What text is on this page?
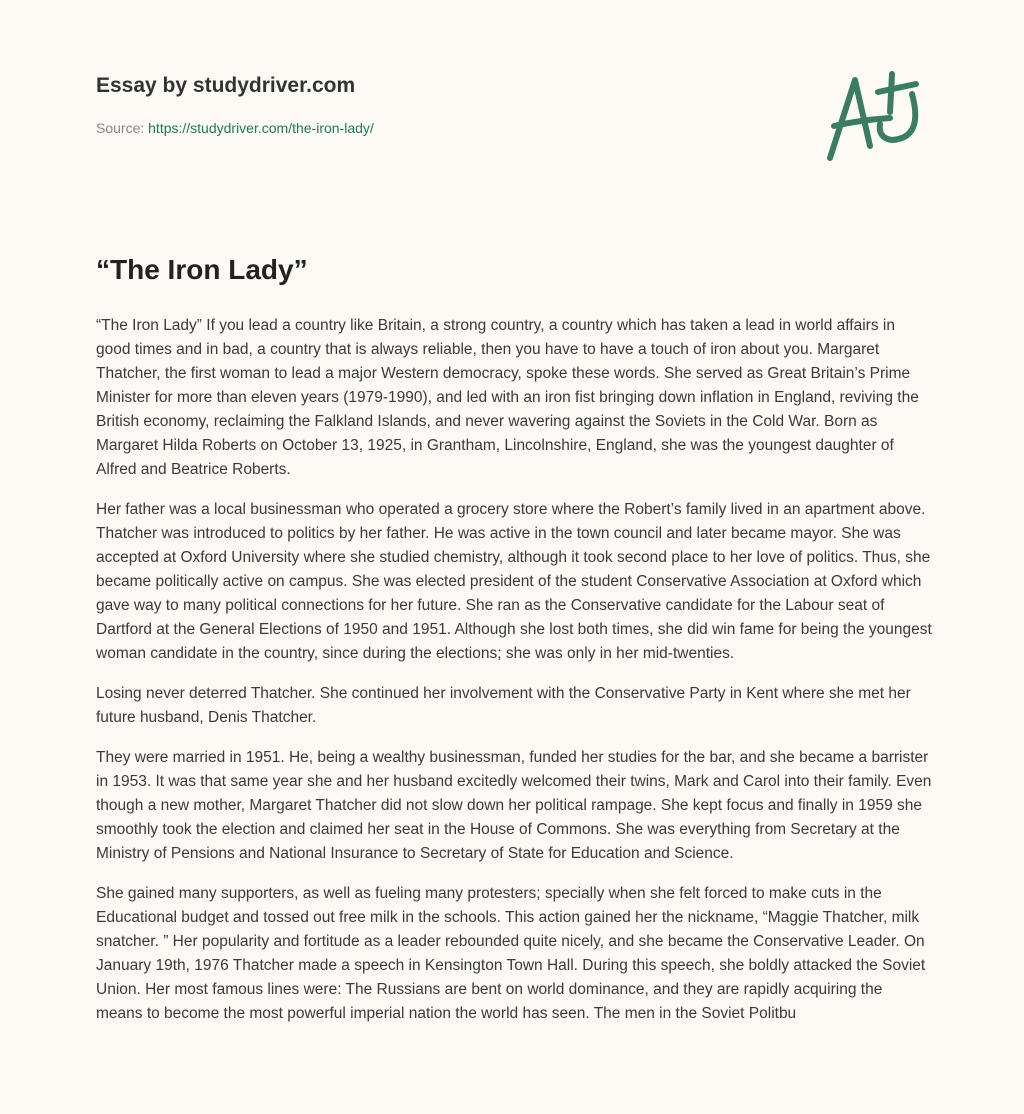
Essay by studydriver.com
Source: https://studydriver.com/the-iron-lady/
“The Iron Lady”

“The Iron Lady” If you lead a country like Britain, a strong country, a country which has taken a lead in world affairs in good times and in bad, a country that is always reliable, then you have to have a touch of iron about you. Margaret Thatcher, the first woman to lead a major Western democracy, spoke these words. She served as Great Britain’s Prime Minister for more than eleven years (1979-1990), and led with an iron fist bringing down inflation in England, reviving the British economy, reclaiming the Falkland Islands, and never wavering against the Soviets in the Cold War. Born as Margaret Hilda Roberts on October 13, 1925, in Grantham, Lincolnshire, England, she was the youngest daughter of Alfred and Beatrice Roberts.

Her father was a local businessman who operated a grocery store where the Robert’s family lived in an apartment above. Thatcher was introduced to politics by her father. He was active in the town council and later became mayor. She was accepted at Oxford University where she studied chemistry, although it took second place to her love of politics. Thus, she became politically active on campus. She was elected president of the student Conservative Association at Oxford which gave way to many political connections for her future. She ran as the Conservative candidate for the Labour seat of Dartford at the General Elections of 1950 and 1951. Although she lost both times, she did win fame for being the youngest woman candidate in the country, since during the elections; she was only in her mid-twenties.

Losing never deterred Thatcher. She continued her involvement with the Conservative Party in Kent where she met her future husband, Denis Thatcher.

They were married in 1951. He, being a wealthy businessman, funded her studies for the bar, and she became a barrister in 1953. It was that same year she and her husband excitedly welcomed their twins, Mark and Carol into their family. Even though a new mother, Margaret Thatcher did not slow down her political rampage. She kept focus and finally in 1959 she smoothly took the election and claimed her seat in the House of Commons. She was everything from Secretary at the Ministry of Pensions and National Insurance to Secretary of State for Education and Science.

She gained many supporters, as well as fueling many protesters; specially when she felt forced to make cuts in the Educational budget and tossed out free milk in the schools. This action gained her the nickname, “Maggie Thatcher, milk snatcher. ” Her popularity and fortitude as a leader rebounded quite nicely, and she became the Conservative Leader. On January 19th, 1976 Thatcher made a speech in Kensington Town Hall. During this speech, she boldly attacked the Soviet Union. Her most famous lines were: The Russians are bent on world dominance, and they are rapidly acquiring the means to become the most powerful imperial nation the world has seen. The men in the Soviet Politbu
